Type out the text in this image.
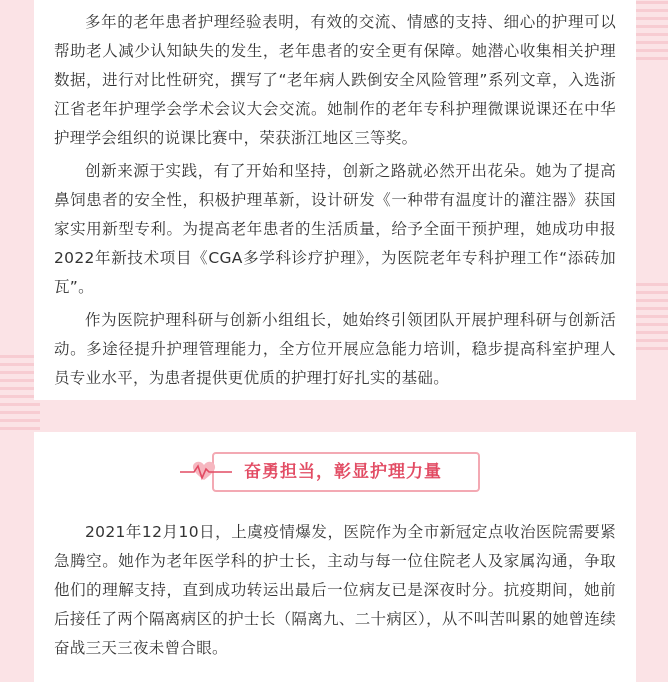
多年的老年患者护理经验表明，有效的交流、情感的支持、细心的护理可以帮助老人减少认知缺失的发生，老年患者的安全更有保障。她潜心收集相关护理数据，进行对比性研究，撰写了“老年病人跌倒安全风险管理”系列文章，入选浙江省老年护理学会学术会议大会交流。她制作的老年专科护理微课说课还在中华护理学会组织的说课比赛中，荣获浙江地区三等奖。

创新来源于实践，有了开始和坚持，创新之路就必然开出花朵。她为了提高鼻饲患者的安全性，积极护理革新，设计研发《一种带有温度计的灌注器》获国家实用新型专利。为提高老年患者的生活质量，给予全面干预护理，她成功申报2022年新技术项目《CGA多学科诊疗护理》，为医院老年专科护理工作“添砖加瓦”。

作为医院护理科研与创新小组组长，她始终引领团队开展护理科研与创新活动。多途径提升护理管理能力，全方位开展应急能力培训，稳步提高科室护理人员专业水平，为患者提供更优质的护理打好扎实的基础。

奋勇担当，彰显护理力量

2021年12月10日，上虞疫情爆发，医院作为全市新冠定点收治医院需要紧急腾空。她作为老年医学科的护士长，主动与每一位住院老人及家属沟通，争取他们的理解支持，直到成功转运出最后一位病友已是深夜时分。抗疫期间，她前后接任了两个隔离病区的护士长（隔离九、二十病区），从不叫苦叫累的她曾连续奋战三天三夜未曾合眼。
